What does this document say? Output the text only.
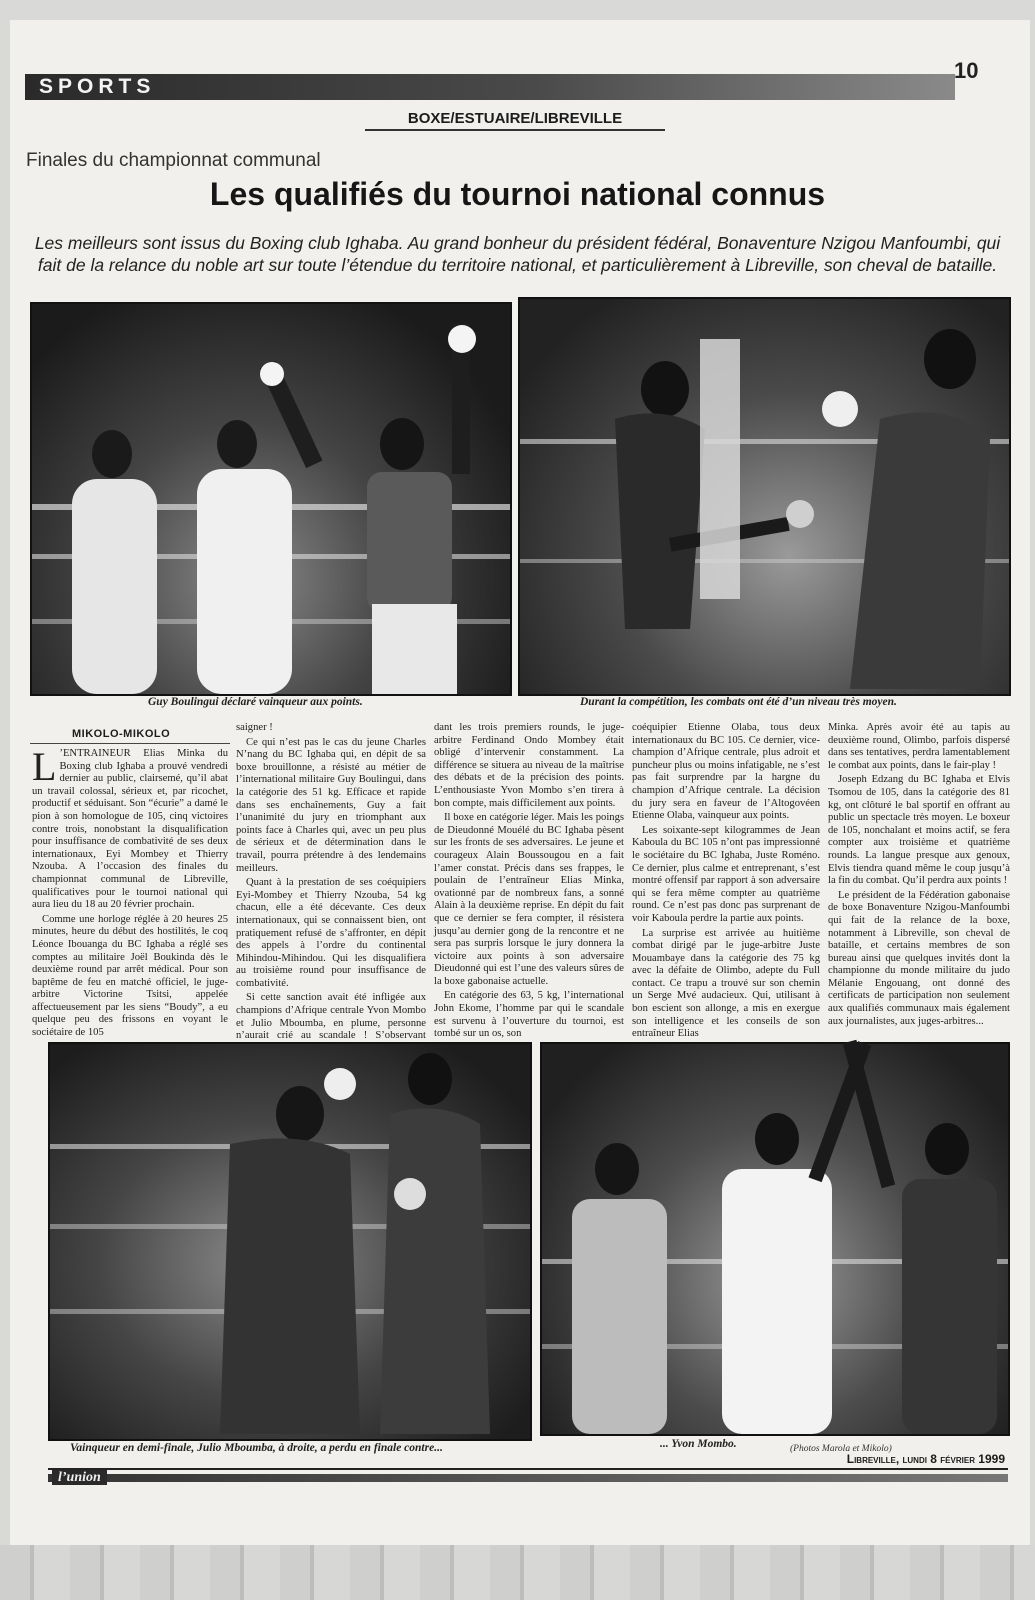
SPORTS
10
BOXE/ESTUAIRE/LIBREVILLE
Finales du championnat communal
Les qualifiés du tournoi national connus
Les meilleurs sont issus du Boxing club Ighaba. Au grand bonheur du président fédéral, Bonaventure Nzigou Manfoumbi, qui fait de la relance du noble art sur toute l’étendue du territoire national, et particulièrement à Libreville, son cheval de bataille.
Guy Boulingui déclaré vainqueur aux points.	Durant la compétition, les combats ont été d’un niveau très moyen.
MIKOLO-MIKOLO

L ’ENTRAINEUR Elias Minka du Boxing club Ighaba a prouvé vendredi dernier au public, clairsemé, qu’il abat un travail colossal, sérieux et, par ricochet, productif et séduisant. Son “écurie” a damé le pion à son homologue de 105, cinq victoires contre trois, nonobstant la disqualification pour insuffisance de combativité de ses deux internationaux, Eyi Mombey et Thierry Nzouba. A l’occasion des finales du championnat communal de Libreville, qualificatives pour le tournoi national qui aura lieu du 18 au 20 février prochain.

Comme une horloge réglée à 20 heures 25 minutes, heure du début des hostilités, le coq Léonce Ibouanga du BC Ighaba a réglé ses comptes au militaire Joël Boukinda dès le deuxième round par arrêt médical. Pour son baptême de feu en matché officiel, le juge-arbitre Victorine Tsitsi, appelée affectueusement par les siens “Boudy”, a eu quelque peu des frissons en voyant le sociétaire de 105

saigner !

Ce qui n’est pas le cas du jeune Charles N’nang du BC Ighaba qui, en dépit de sa boxe brouillonne, a résisté au métier de l’international militaire Guy Boulingui, dans la catégorie des 51 kg. Efficace et rapide dans ses enchaînements, Guy a fait l’unanimité du jury en triomphant aux points face à Charles qui, avec un peu plus de sérieux et de détermination dans le travail, pourra prétendre à des lendemains meilleurs.

Quant à la prestation de ses coéquipiers Eyi-Mombey et Thierry Nzouba, 54 kg chacun, elle a été décevante. Ces deux internationaux, qui se connaissent bien, ont pratiquement refusé de s’affronter, en dépit des appels à l’ordre du continental Mihindou-Mihindou. Qui les disqualifiera au troisième round pour insuffisance de combativité.

Si cette sanction avait été infligée aux champions d’Afrique centrale Yvon Mombo et Julio Mboumba, en plume, personne n’aurait crié au scandale ! S’observant

dant les trois premiers rounds, le juge-arbitre Ferdinand Ondo Mombey était obligé d’intervenir constamment. La différence se situera au niveau de la maîtrise des débats et de la précision des points. L’enthousiaste Yvon Mombo s’en tirera à bon compte, mais difficilement aux points.

Il boxe en catégorie léger. Mais les poings de Dieudonné Mouélé du BC Ighaba pèsent sur les fronts de ses adversaires. Le jeune et courageux Alain Boussougou en a fait l’amer constat. Précis dans ses frappes, le poulain de l’entraîneur Elias Minka, ovationné par de nombreux fans, a sonné Alain à la deuxième reprise. En dépit du fait que ce dernier se fera compter, il résistera jusqu’au dernier gong de la rencontre et ne sera pas surpris lorsque le jury donnera la victoire aux points à son adversaire Dieudonné qui est l’une des valeurs sûres de la boxe gabonaise actuelle.

En catégorie des 63, 5 kg, l’international John Ekome, l’homme par qui le scandale est survenu à l’ouverture du tournoi, est tombé sur un os, son

coéquipier Etienne Olaba, tous deux internationaux du BC 105. Ce dernier, vice-champion d’Afrique centrale, plus adroit et puncheur plus ou moins infatigable, ne s’est pas fait surprendre par la hargne du champion d’Afrique centrale. La décision du jury sera en faveur de l’Altogovéen Etienne Olaba, vainqueur aux points.

Les soixante-sept kilogrammes de Jean Kaboula du BC 105 n’ont pas impressionné le sociétaire du BC Ighaba, Juste Roméno. Ce dernier, plus calme et entreprenant, s’est montré offensif par rapport à son adversaire qui se fera même compter au quatrième round. Ce n’est pas donc pas surprenant de voir Kaboula perdre la partie aux points.

La surprise est arrivée au huitième combat dirigé par le juge-arbitre Juste Mouambaye dans la catégorie des 75 kg avec la défaite de Olimbo, adepte du Full contact. Ce trapu a trouvé sur son chemin un Serge Mvé audacieux. Qui, utilisant à bon escient son allonge, a mis en exergue son intelligence et les conseils de son entraîneur Elias

Minka. Après avoir été au tapis au deuxième round, Olimbo, parfois dispersé dans ses tentatives, perdra lamentablement le combat aux points, dans le fair-play !

Joseph Edzang du BC Ighaba et Elvis Tsomou de 105, dans la catégorie des 81 kg, ont clôturé le bal sportif en offrant au public un spectacle très moyen. Le boxeur de 105, nonchalant et moins actif, se fera compter aux troisième et quatrième rounds. La langue presque aux genoux, Elvis tiendra quand même le coup jusqu’à la fin du combat. Qu’il perdra aux points !

Le président de la Fédération gabonaise de boxe Bonaventure Nzigou-Manfoumbi qui fait de la relance de la boxe, notamment à Libreville, son cheval de bataille, et certains membres de son bureau ainsi que quelques invités dont la championne du monde militaire du judo Mélanie Engouang, ont donné des certificats de participation non seulement aux qualifiés communaux mais également aux journalistes, aux juges-arbitres...

Vainqueur en demi-finale, Julio Mboumba, à droite, a perdu en finale contre...	... Yvon Mombo.	(Photos Marola et Mikolo)
Libreville, lundi 8 février 1999
l’union
